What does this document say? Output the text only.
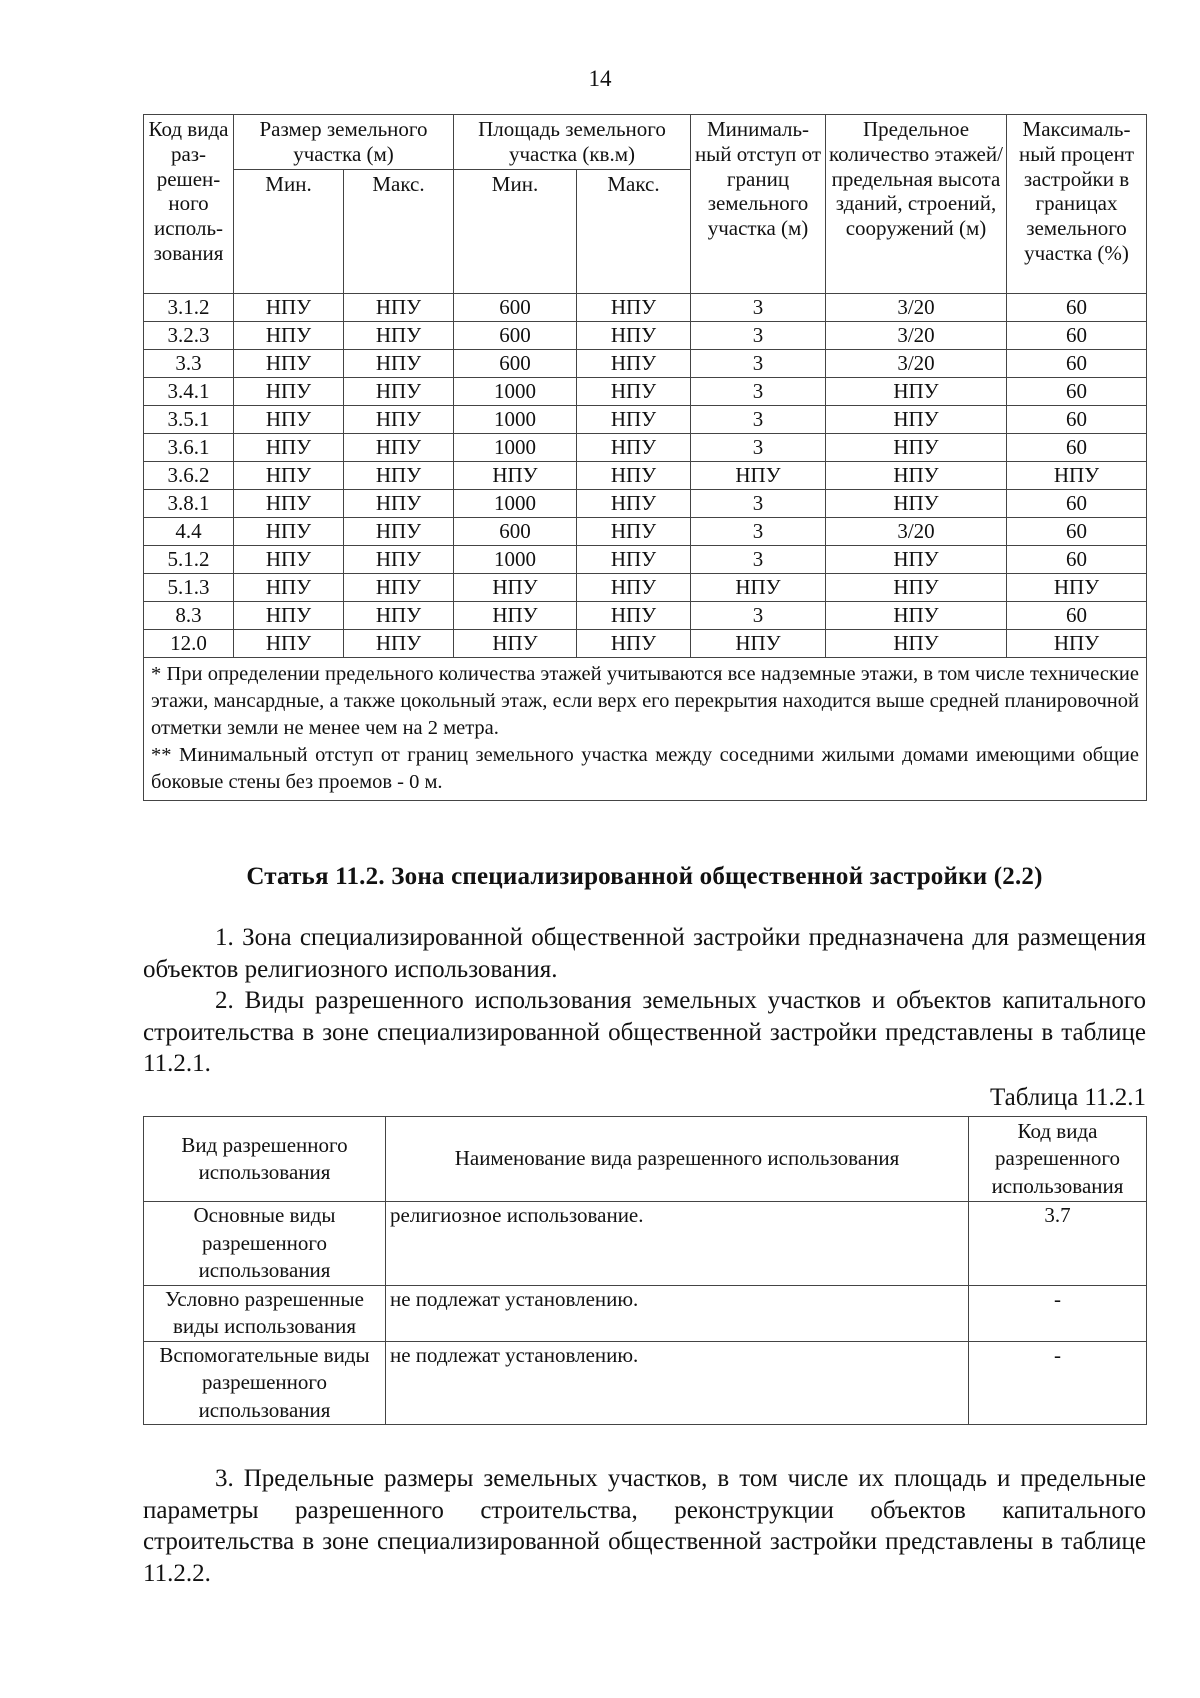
14
Код вида раз-решен-ного исполь-зования	Размер земельного участка (м)		Площадь земельного участка (кв.м)		Минималь-ный отступ от границ земельного участка (м)	Предельное количество этажей/ предельная высота зданий, строений, сооружений (м)	Максималь-ный процент застройки в границах земельного участка (%)
	Мин.	Макс.	Мин.	Макс.			
3.1.2	НПУ	НПУ	600	НПУ	3	3/20	60
3.2.3	НПУ	НПУ	600	НПУ	3	3/20	60
3.3	НПУ	НПУ	600	НПУ	3	3/20	60
3.4.1	НПУ	НПУ	1000	НПУ	3	НПУ	60
3.5.1	НПУ	НПУ	1000	НПУ	3	НПУ	60
3.6.1	НПУ	НПУ	1000	НПУ	3	НПУ	60
3.6.2	НПУ	НПУ	НПУ	НПУ	НПУ	НПУ	НПУ
3.8.1	НПУ	НПУ	1000	НПУ	3	НПУ	60
4.4	НПУ	НПУ	600	НПУ	3	3/20	60
5.1.2	НПУ	НПУ	1000	НПУ	3	НПУ	60
5.1.3	НПУ	НПУ	НПУ	НПУ	НПУ	НПУ	НПУ
8.3	НПУ	НПУ	НПУ	НПУ	3	НПУ	60
12.0	НПУ	НПУ	НПУ	НПУ	НПУ	НПУ	НПУ

* При определении предельного количества этажей учитываются все надземные этажи, в том числе технические этажи, мансардные, а также цокольный этаж, если верх его перекрытия находится выше средней планировочной отметки земли не менее чем на 2 метра.

** Минимальный отступ от границ земельного участка между соседними жилыми домами имеющими общие боковые стены без проемов - 0 м.							

Статья 11.2. Зона специализированной общественной застройки (2.2)

1. Зона специализированной общественной застройки предназначена для размещения объектов религиозного использования.

2. Виды разрешенного использования земельных участков и объектов капитального строительства в зоне специализированной общественной застройки представлены в таблице 11.2.1.

Таблица 11.2.1
Вид разрешенного использования	Наименование вида разрешенного использования	Код вида разрешенного использования
Основные виды разрешенного использования	религиозное использование.	3.7
Условно разрешенные виды использования	не подлежат установлению.	-
Вспомогательные виды разрешенного использования	не подлежат установлению.	-

3. Предельные размеры земельных участков, в том числе их площадь и предельные параметры разрешенного строительства, реконструкции объектов капитального строительства в зоне специализированной общественной застройки представлены в таблице 11.2.2.
